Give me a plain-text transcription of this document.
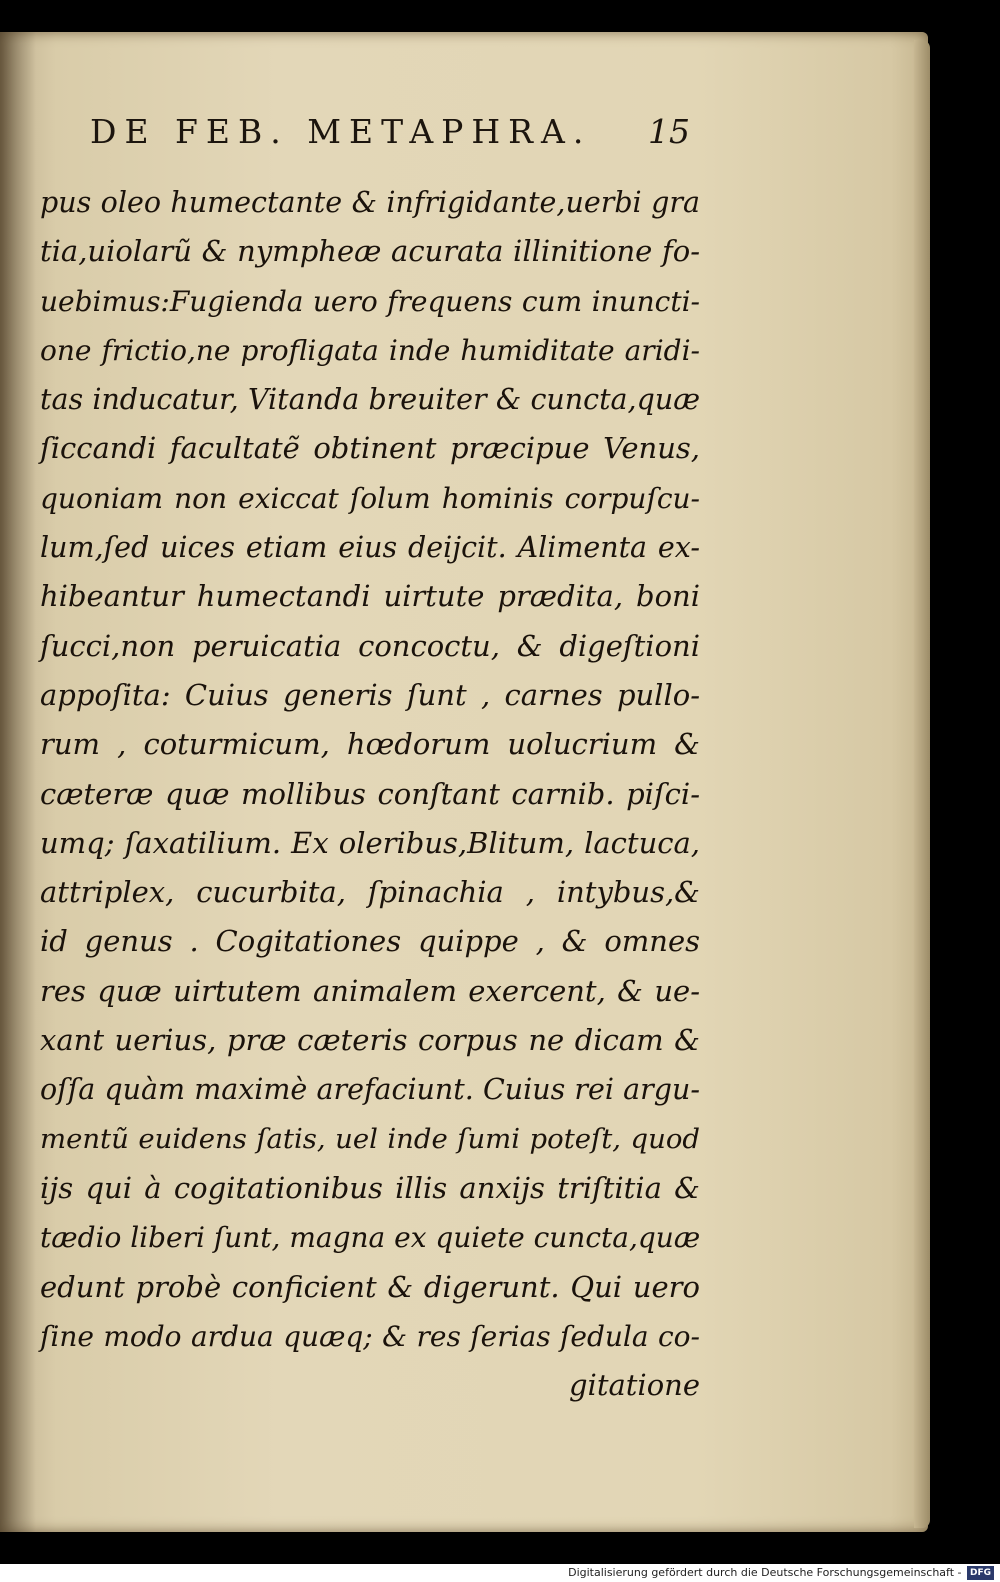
DE FEB. METAPHRA. 15
pus oleo humectante & infrigidante,uerbi gra
tia,uiolarũ & nympheæ acurata illinitione fo-
uebimus:Fugienda uero frequens cum inuncti-
one frictio,ne profligata inde humiditate aridi-
tas inducatur, Vitanda breuiter & cuncta,quæ
ſiccandi facultatẽ obtinent præcipue Venus,
quoniam non exiccat ſolum hominis corpuſcu-
lum,ſed uices etiam eius deijcit. Alimenta ex-
hibeantur humectandi uirtute prædita, boni
ſucci,non peruicatia concoctu, & digeſtioni
appoſita: Cuius generis ſunt , carnes pullo-
rum , coturmicum, hœdorum uolucrium &
cæteræ quæ mollibus conſtant carnib. piſci-
umq; ſaxatilium. Ex oleribus,Blitum, lactuca,
attriplex, cucurbita, ſpinachia , intybus,&
id genus . Cogitationes quippe , & omnes
res quæ uirtutem animalem exercent, & ue-
xant uerius, præ cæteris corpus ne dicam &
oſſa quàm maximè arefaciunt. Cuius rei argu-
mentũ euidens ſatis, uel inde ſumi poteſt, quod
ijs qui à cogitationibus illis anxijs triſtitia &
tædio liberi ſunt, magna ex quiete cuncta,quæ
edunt probè conficient & digerunt. Qui uero
ſine modo ardua quæq; & res ſerias ſedula co-
gitatione
Digitalisierung gefördert durch die Deutsche Forschungsgemeinschaft - DFG
